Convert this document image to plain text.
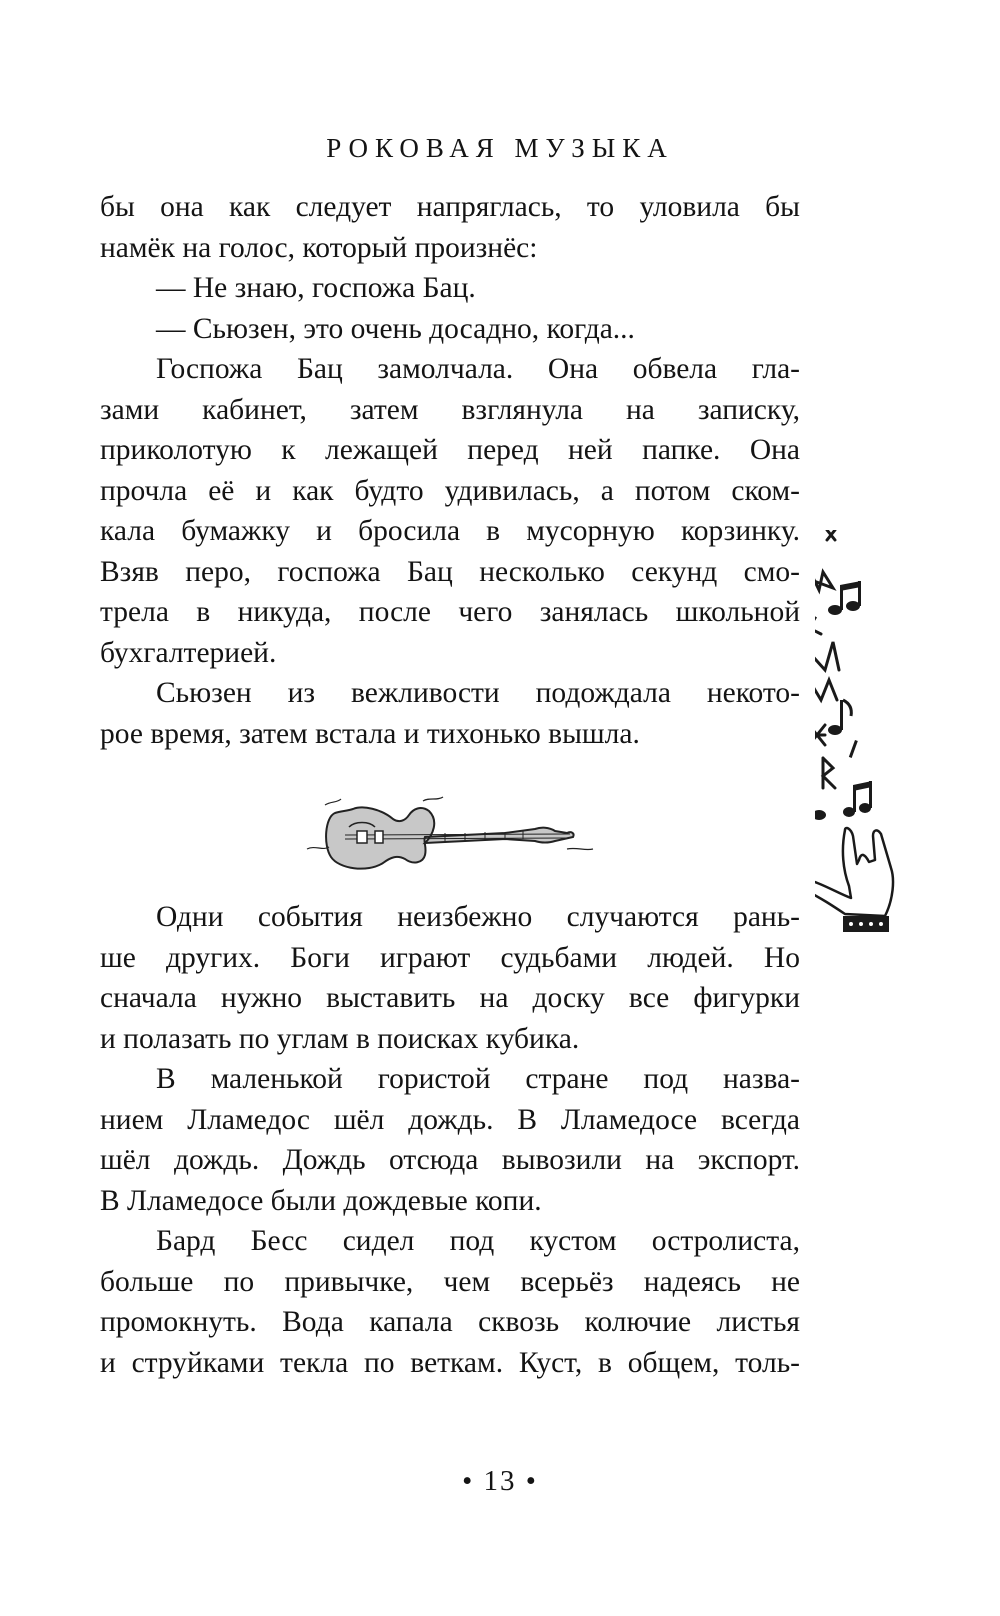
РОКОВАЯ МУЗЫКА
бы она как следует напряглась, то уловила бы
намёк на голос, который произнёс:
— Не знаю, госпожа Бац.
— Сьюзен, это очень досадно, когда...
Госпожа Бац замолчала. Она обвела гла-
зами кабинет, затем взглянула на записку,
приколотую к лежащей перед ней папке. Она
прочла её и как будто удивилась, а потом ском-
кала бумажку и бросила в мусорную корзинку.
Взяв перо, госпожа Бац несколько секунд смо-
трела в никуда, после чего занялась школьной
бухгалтерией.
Сьюзен из вежливости подождала некото-
рое время, затем встала и тихонько вышла.
Одни события неизбежно случаются рань-
ше других. Боги играют судьбами людей. Но
сначала нужно выставить на доску все фигурки
и полазать по углам в поисках кубика.
В маленькой гористой стране под назва-
нием Лламедос шёл дождь. В Лламедосе всегда
шёл дождь. Дождь отсюда вывозили на экспорт.
В Лламедосе были дождевые копи.
Бард Бесс сидел под кустом остролиста,
больше по привычке, чем всерьёз надеясь не
промокнуть. Вода капала сквозь колючие листья
и струйками текла по веткам. Куст, в общем, толь-
• 13 •
